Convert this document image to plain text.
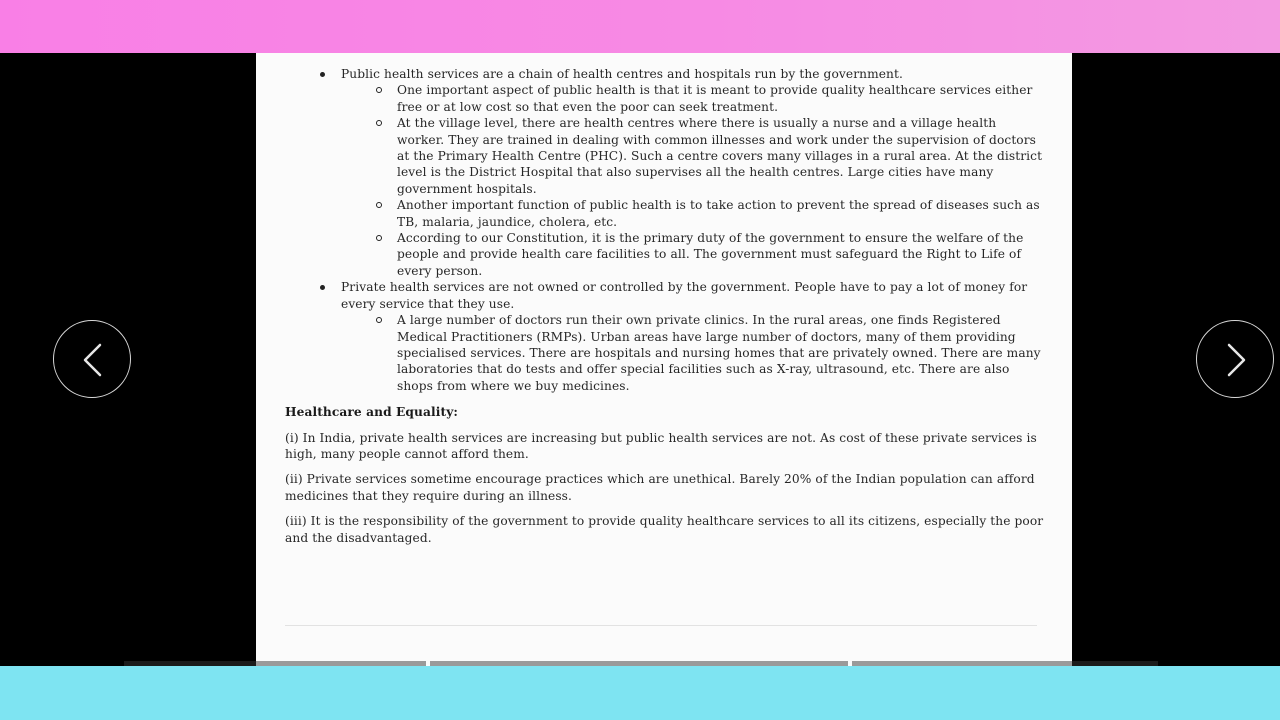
Public health services are a chain of health centres and hospitals run by the government.
One important aspect of public health is that it is meant to provide quality healthcare services either free or at low cost so that even the poor can seek treatment.
At the village level, there are health centres where there is usually a nurse and a village health worker. They are trained in dealing with common illnesses and work under the supervision of doctors at the Primary Health Centre (PHC). Such a centre covers many villages in a rural area. At the district level is the District Hospital that also supervises all the health centres. Large cities have many government hospitals.
Another important function of public health is to take action to prevent the spread of diseases such as TB, malaria, jaundice, cholera, etc.
According to our Constitution, it is the primary duty of the government to ensure the welfare of the people and provide health care facilities to all. The government must safeguard the Right to Life of every person.
Private health services are not owned or controlled by the government. People have to pay a lot of money for every service that they use.
A large number of doctors run their own private clinics. In the rural areas, one finds Registered Medical Practitioners (RMPs). Urban areas have large number of doctors, many of them providing specialised services. There are hospitals and nursing homes that are privately owned. There are many laboratories that do tests and offer special facilities such as X-ray, ultrasound, etc. There are also shops from where we buy medicines.
Healthcare and Equality:
(i) In India, private health services are increasing but public health services are not. As cost of these private services is high, many people cannot afford them.
(ii) Private services sometime encourage practices which are unethical. Barely 20% of the Indian population can afford medicines that they require during an illness.
(iii) It is the responsibility of the government to provide quality healthcare services to all its citizens, especially the poor and the disadvantaged.
